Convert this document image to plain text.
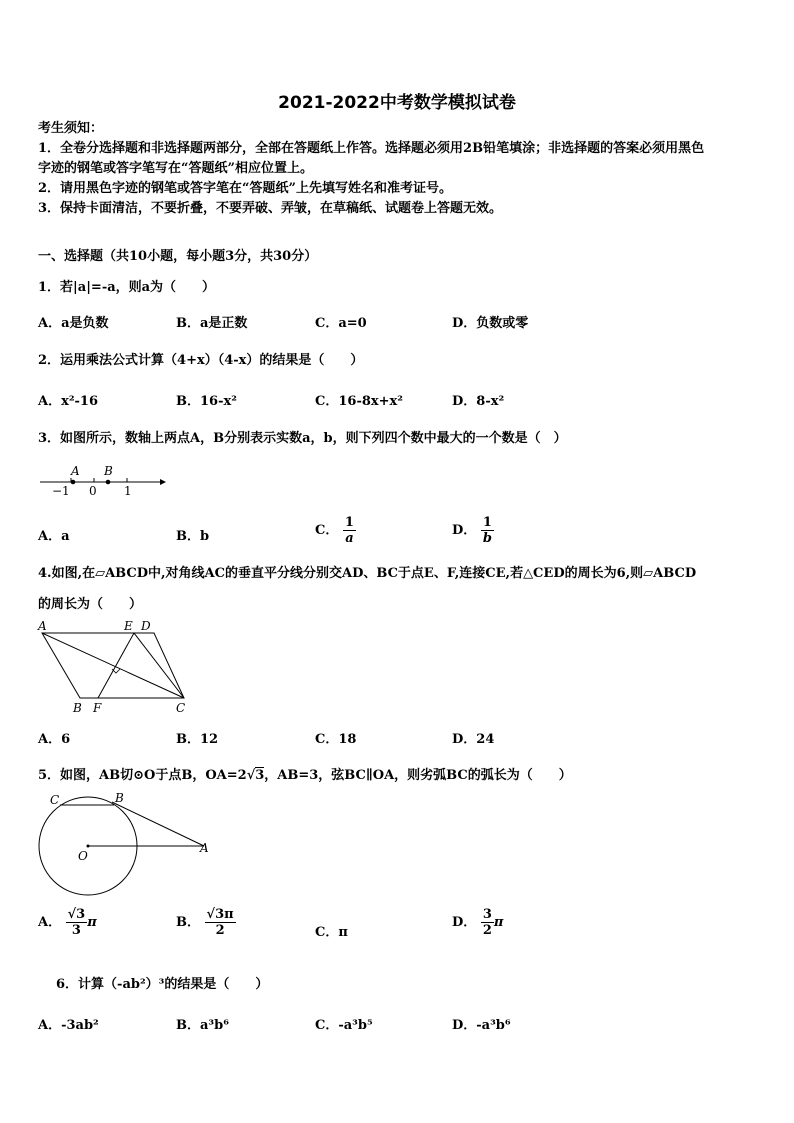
2021-2022中考数学模拟试卷
考生须知：
1．全卷分选择题和非选择题两部分，全部在答题纸上作答。选择题必须用2B铅笔填涂；非选择题的答案必须用黑色
字迹的钢笔或答字笔写在“答题纸”相应位置上。
2．请用黑色字迹的钢笔或答字笔在“答题纸”上先填写姓名和准考证号。
3．保持卡面清洁，不要折叠，不要弄破、弄皱，在草稿纸、试题卷上答题无效。
一、选择题（共10小题，每小题3分，共30分）
1．若|a|=-a，则a为（　　）
A．a是负数	B．a是正数	C．a=0	D．负数或零
2．运用乘法公式计算（4+x）（4-x）的结果是（　　）
A．x²-16	B．16-x²	C．16-8x+x²	D．8-x²
3．如图所示，数轴上两点A，B分别表示实数a，b，则下列四个数中最大的一个数是（　）
A B
−1 0 1
A．a	B．b	C． $\frac{1}{a}$	D． $\frac{1}{b}$
4.如图,在▱ABCD中,对角线AC的垂直平分线分别交AD、BC于点E、F,连接CE,若△CED的周长为6,则▱ABCD
的周长为（　　）
A	E D
B F	C
A．6	B．12	C．18	D．24
5．如图，AB切⊙O于点B，OA=2√3，AB=3，弦BC∥OA，则劣弧BC的弧长为（　　）
C	B
O
A
A． $\frac{√3}{3}$ π	B． $\frac{√3\pi}{2}$	C．π
D． $\frac{3}{2}$ π
6．计算（-ab²）³的结果是（　　）
A．-3ab²	B．a³b⁶	C．-a³b⁵	D．-a³b⁶
